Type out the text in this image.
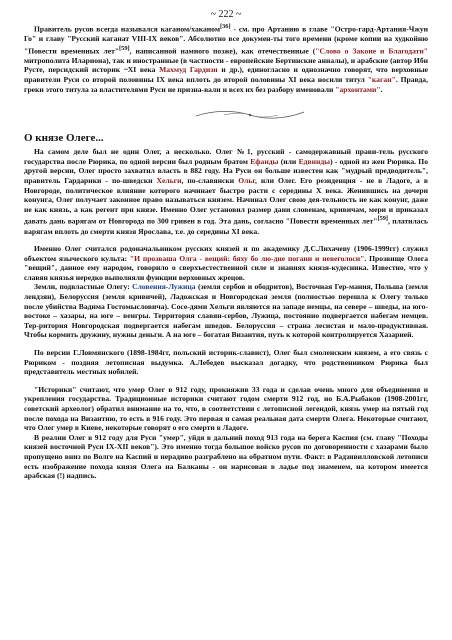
~ 222 ~

Правитель русов всегда назывался каганом/хаканом[36] - см. про Артанию в главе "Остро-гард-Артания-Чжун Го" и главу "Русский каганат VIII-IX веков". Абсолютно все докумен-ты того времени (кроме копии на худкойню "Повести временных лет"[59], написанной намного позже), как отечественные ("Слово о Законе и Благодати" митрополита Илариона), так и иностранные (в частности - европейские Бертинские анналы), и арабские (автор Ибн Русте, персидский историк ~XI века Махмуд Гардизи и др.), единогласно и однозначно говорят, что верховные правители Руси со второй половины IX века вплоть до второй половины XI века носили титул "каган". Правда, греки этого титула за властителями Руси не призна-вали и всех их без разбору именовали "архонтами".

О князе Олеге...

На самом деле был не один Олег, а несколько. Олег №1, русский - самодержавный прави-тель русского государства после Рюрика, по одной версии был родным братом Ефанды (или Едвинды) - одной из жен Рюрика. По другой версии, Олег просто захватил власть в 882 году. На Руси он больше известен как "мудрый предводитель", правитель Гардарики - по-шведски Хельги, по-славянски Ольг, или Олег. Его резиденция - не в Ладоге, а в Новгороде, политическое влияние которого начинает быстро расти с середины X века. Женившись на дочери конунга, Олег получает законное право называться князем. Начинал Олег свою дея-тельность не как конунг, даже не как князь, а как регент при князе. Именно Олег установил размер дани словенам, кривичам, мери и приказал давать дань варягам от Новгорода по 300 гривен в год. Эта дань, согласно "Повести временных лет"[59], платилась варягам вплоть до смерти князя Ярослава, т.е. до середины XI века.

Именно Олег считался родоначальником русских князей и по академику Д.С.Лихачеву (1906-1999гг) служил объектом языческого культа: "И прозваша Олга - вещий: бяху бо лю-дие погани и невеголоси". Прозвище Олега "вещий", данное ему народом, говорило о сверхъестественной силе и знаниях князя-кудесника. Известно, что у славян князья нередко выполняли функции верховных жрецов.

Земли, подвластные Олегу: Словения-Лужица (земля сербов и ободритов), Восточная Гер-мания, Польша (земля лендзян), Белоруссия (земля кривичей), Ладожская и Новгородская земля (полностью перешла к Олегу только после убийства Вадима Гостомысловича). Сосе-дями Хельги являются на западе немцы, на севере – шведы, на юго-востоке – хазары, на юге – венгры. Территория славян-сербов, Лужица, постоянно подвергается набегам немцев. Тер-ритория Новгородская подвергается набегам шведов. Белоруссия – страна лесистая и мало-продуктивная. Чтобы кормить дружину, нужны деньги. А на юге – богатая Византия, путь к которой контролируется Хазарией.

По версии Г.Ловмянского (1898-1984гг, польский историк-славист), Олег был смоленским князем, а его связь с Рюриком - поздняя летописная выдумка. А.Лебедев высказал догадку, что родственником Рюрика был представитель местных нобилей.

"Историки" считают, что умер Олег в 912 году, прокняжив 33 года и сделав очень много для объединения и укрепления государства. Традиционные историки считают годом смерти 912 год, но Б.А.Рыбаков (1908-2001гг, советский археолог) обратил внимание на то, что, в соответствии с летописной легендой, князь умер на пятый год после похода на Византию, то есть в 916 году. Это первая и самая реальная дата смерти Олега. Некоторые считают, что Олег умер в Киеве, некоторые говорят о его смерти в Ладоге.

В реалии Олег в 912 году для Руси "умер", уйдя в дальний поход 913 года на берега Каспия (см. главу "Походы князей восточной Руси IX-XII веков"). Это именно тогда большое войско русов по договоренности с хазарами было пропущено вниз по Волге на Каспий и нерадиво разграблено на обратном пути. Факт: в Радзивилловской летописи есть изображение похода князя Олега на Балканы - он нарисован в ладье под знаменем, на котором имеется арабская (!) надпись.
